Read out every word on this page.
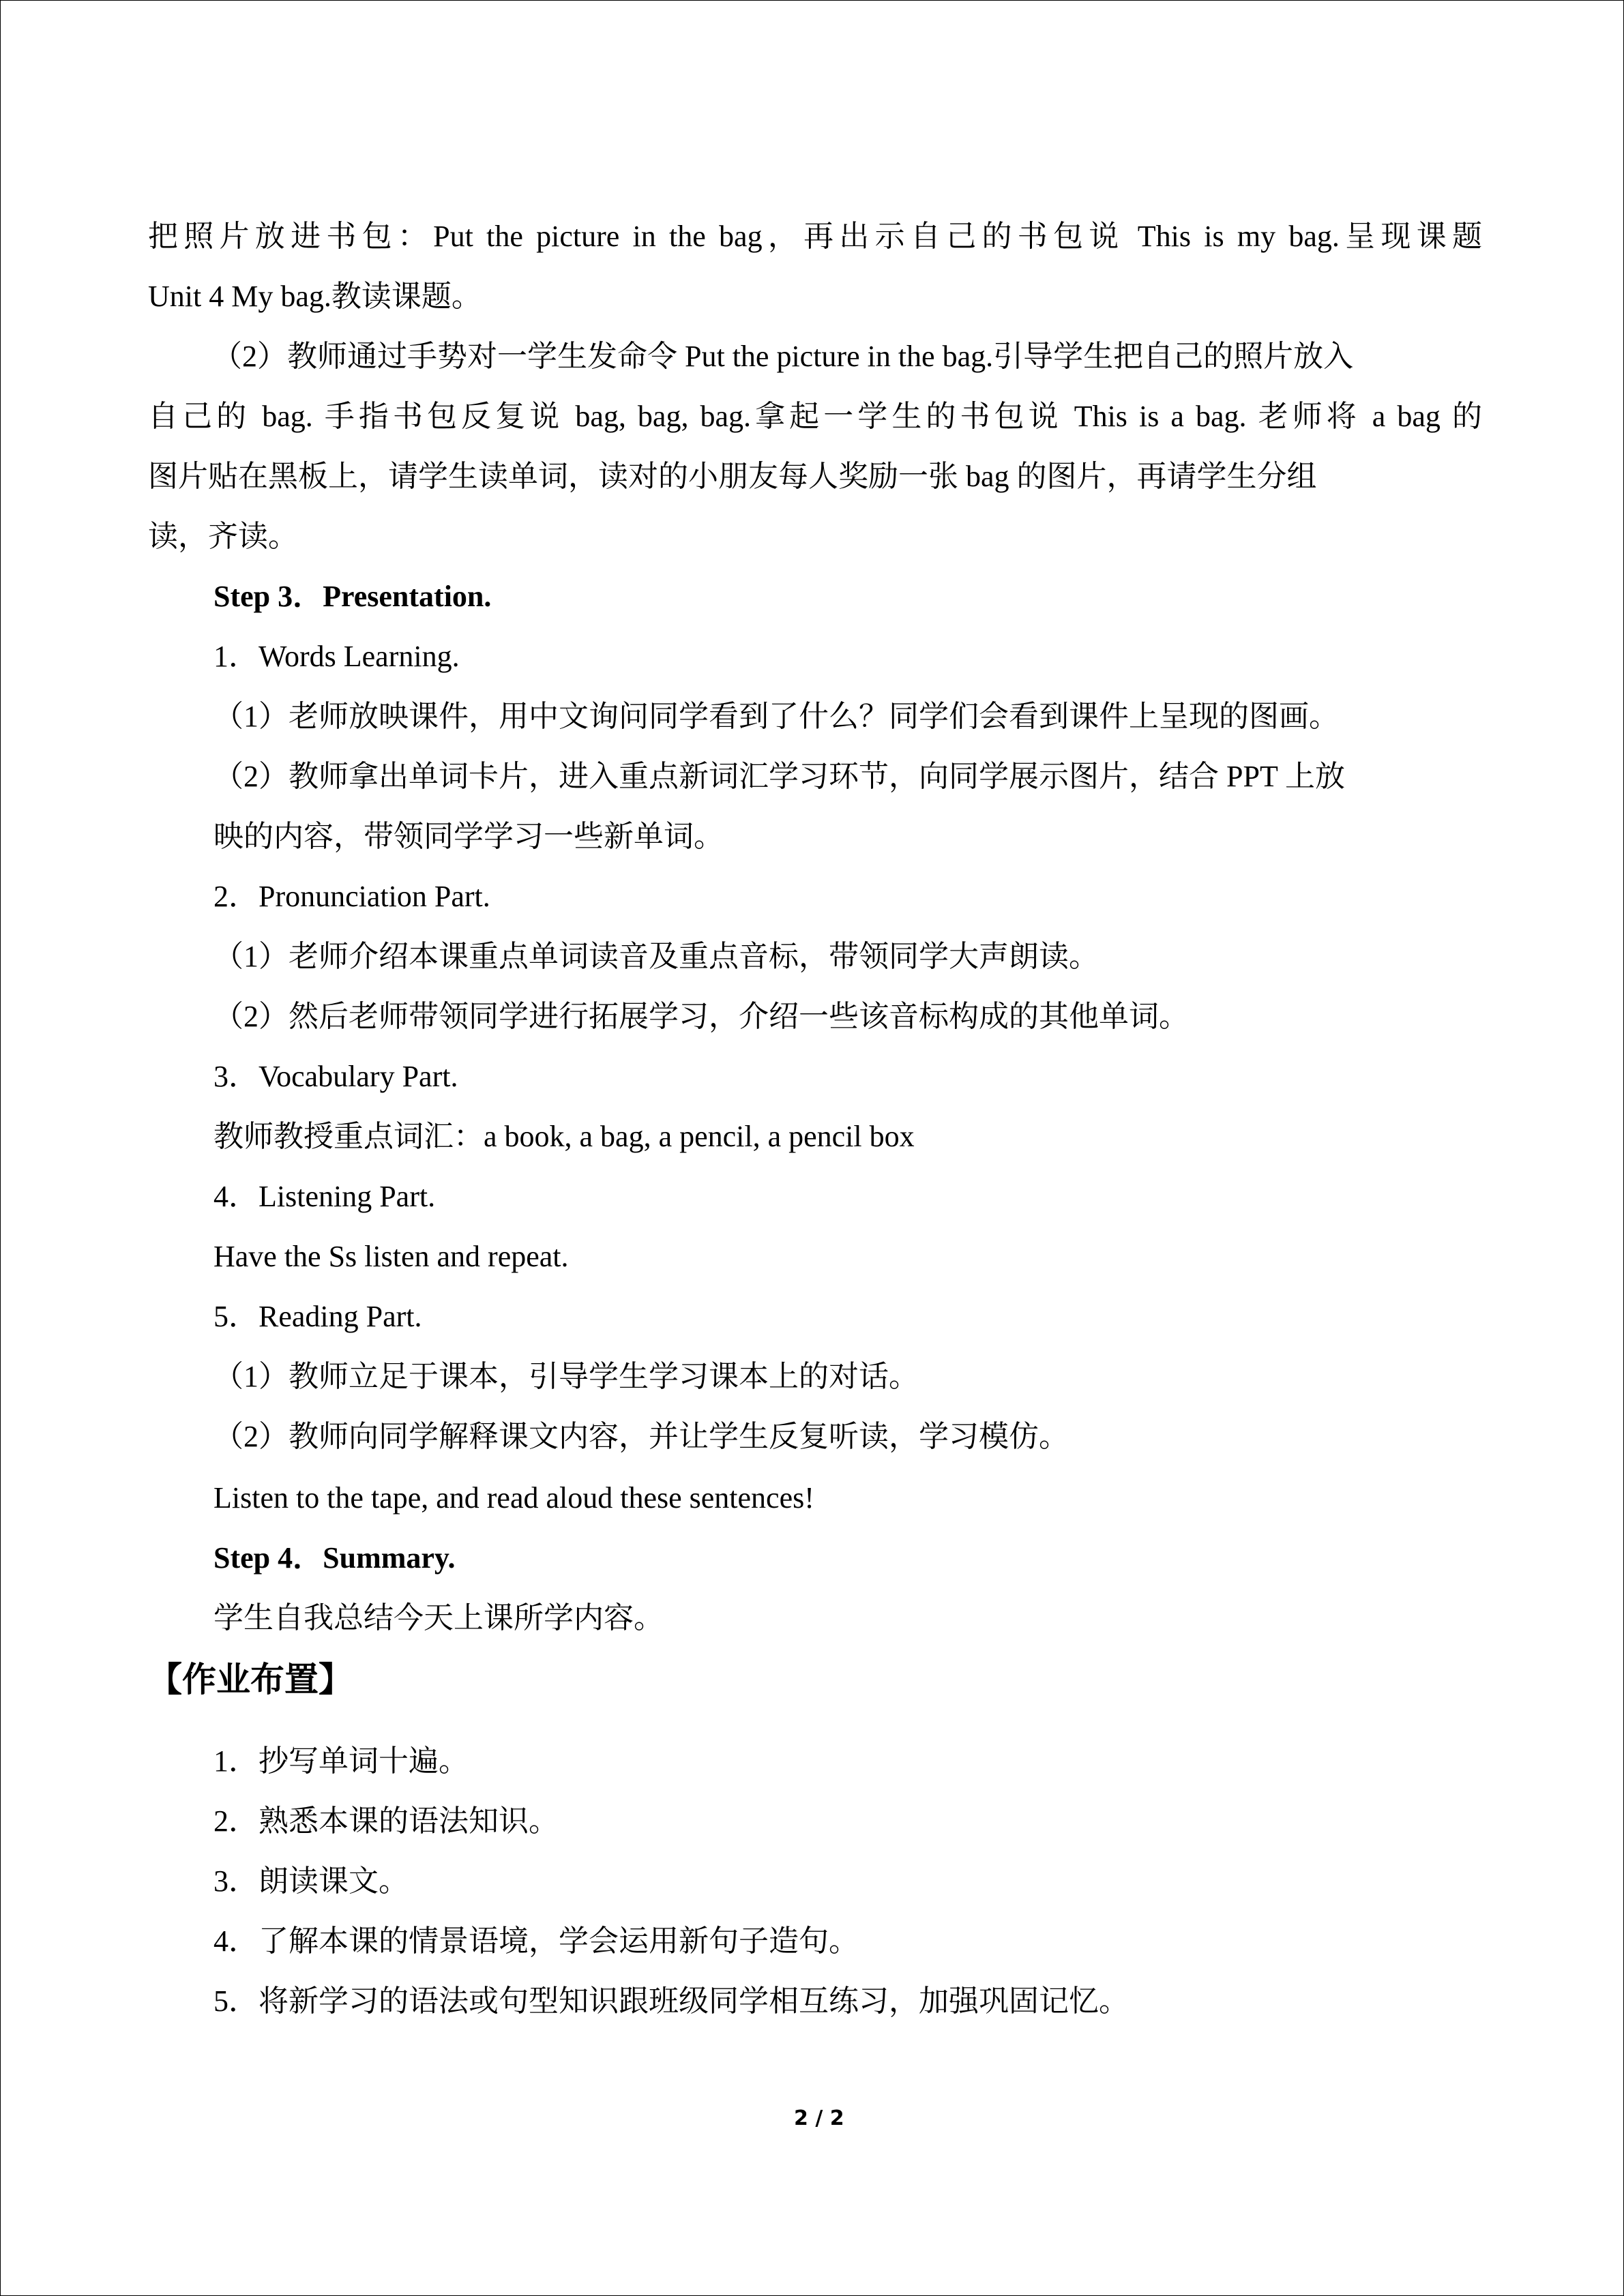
把照片放进书包：Put the picture in the bag，再出示自己的书包说 This is my bag.呈现课题
Unit 4 My bag.教读课题。
（2）教师通过手势对一学生发命令 Put the picture in the bag.引导学生把自己的照片放入
自己的 bag. 手指书包反复说 bag, bag, bag.拿起一学生的书包说 This is a bag. 老师将 a bag 的
图片贴在黑板上，请学生读单词，读对的小朋友每人奖励一张 bag 的图片，再请学生分组
读，齐读。
Step 3．Presentation.
1．Words Learning.
（1）老师放映课件，用中文询问同学看到了什么？同学们会看到课件上呈现的图画。
（2）教师拿出单词卡片，进入重点新词汇学习环节，向同学展示图片，结合 PPT 上放
映的内容，带领同学学习一些新单词。
2．Pronunciation Part.
（1）老师介绍本课重点单词读音及重点音标，带领同学大声朗读。
（2）然后老师带领同学进行拓展学习，介绍一些该音标构成的其他单词。
3．Vocabulary Part.
教师教授重点词汇：a book, a bag, a pencil, a pencil box
4．Listening Part.
Have the Ss listen and repeat.
5．Reading Part.
（1）教师立足于课本，引导学生学习课本上的对话。
（2）教师向同学解释课文内容，并让学生反复听读，学习模仿。
Listen to the tape, and read aloud these sentences!
Step 4．Summary.
学生自我总结今天上课所学内容。
【作业布置】
1．抄写单词十遍。
2．熟悉本课的语法知识。
3．朗读课文。
4．了解本课的情景语境，学会运用新句子造句。
5．将新学习的语法或句型知识跟班级同学相互练习，加强巩固记忆。
2 / 2
